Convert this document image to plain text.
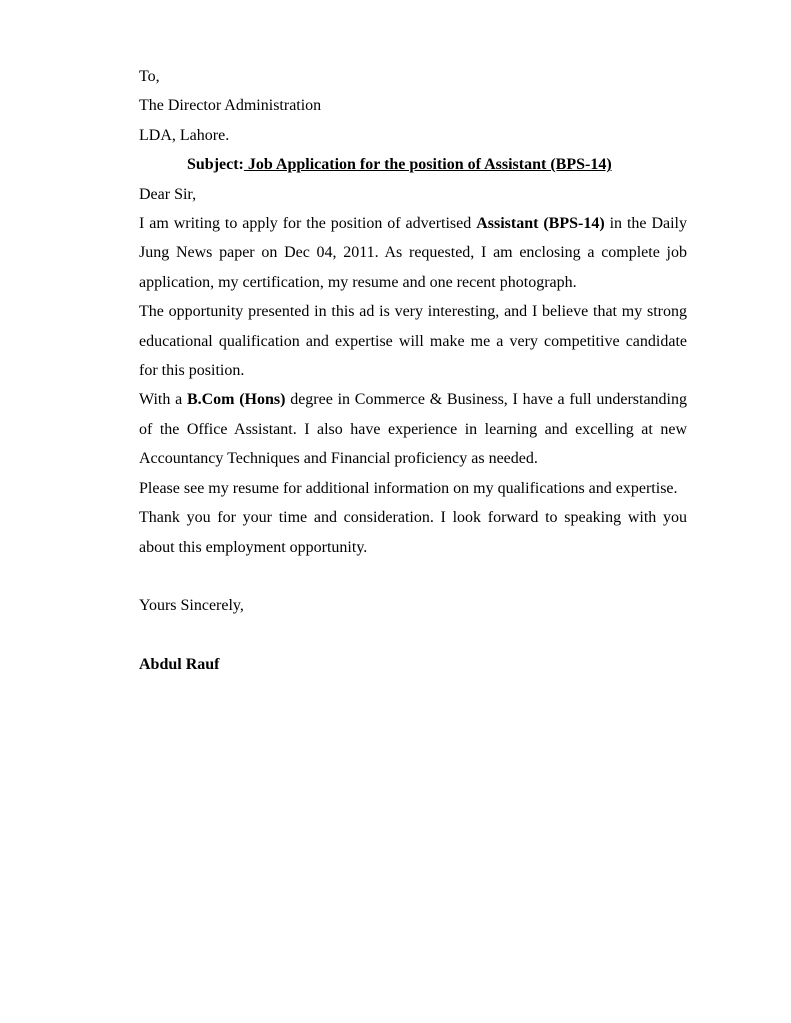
To,
The Director Administration
LDA, Lahore.
Subject: Job Application for the position of Assistant (BPS-14)
Dear Sir,
I am writing to apply for the position of advertised Assistant (BPS-14) in the Daily Jung News paper on Dec 04, 2011. As requested, I am enclosing a complete job application, my certification, my resume and one recent photograph.
The opportunity presented in this ad is very interesting, and I believe that my strong educational qualification and expertise will make me a very competitive candidate for this position.
With a B.Com (Hons) degree in Commerce & Business, I have a full understanding of the Office Assistant. I also have experience in learning and excelling at new Accountancy Techniques and Financial proficiency as needed.
Please see my resume for additional information on my qualifications and expertise.
Thank you for your time and consideration. I look forward to speaking with you about this employment opportunity.
Yours Sincerely,
Abdul Rauf
